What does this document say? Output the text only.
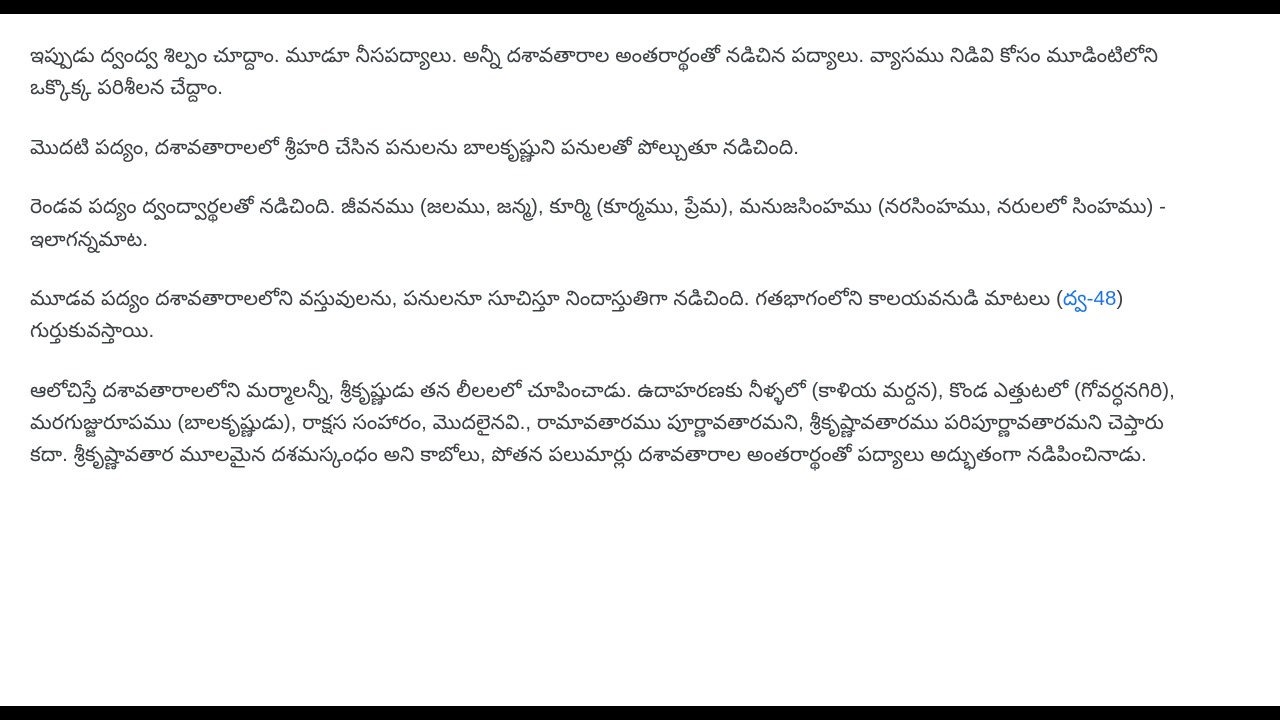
ఇప్పుడు ద్వంద్వ శిల్పం చూద్దాం. మూడూ నీసపద్యాలు. అన్నీ దశావతారాల అంతరార్థంతో నడిచిన పద్యాలు. వ్యాసము నిడివి కోసం మూడింటిలోని ఒక్కొక్క పరిశీలన చేద్దాం.

మొదటి పద్యం, దశావతారాలలో శ్రీహరి చేసిన పనులను బాలకృష్ణుని పనులతో పోల్చుతూ నడిచింది.

రెండవ పద్యం ద్వంద్వార్థలతో నడిచింది. జీవనము (జలము, జన్మ), కూర్మి (కూర్మము, ప్రేమ), మనుజసింహము (నరసింహము, నరులలో సింహము) - ఇలాగన్నమాట.

మూడవ పద్యం దశావతారాలలోని వస్తువులను, పనులనూ సూచిస్తూ నిందాస్తుతిగా నడిచింది. గతభాగంలోని కాలయవనుడి మాటలు (ద్వ-48) గుర్తుకువస్తాయి.

ఆలోచిస్తే దశావతారాలలోని మర్మాలన్నీ, శ్రీకృష్ణుడు తన లీలలలో చూపించాడు. ఉదాహరణకు నీళ్ళలో (కాళియ మర్దన), కొండ ఎత్తుటలో (గోవర్ధనగిరి), మరగుజ్జురూపము (బాలకృష్ణుడు), రాక్షస సంహారం, మొదలైనవి., రామావతారము పూర్ణావతారమని, శ్రీకృష్ణావతారము పరిపూర్ణావతారమని చెప్తారు కదా. శ్రీకృష్ణావతార మూలమైన దశమస్కంధం అని కాబోలు, పోతన పలుమార్లు దశావతారాల అంతరార్థంతో పద్యాలు అద్భుతంగా నడిపించినాడు.
